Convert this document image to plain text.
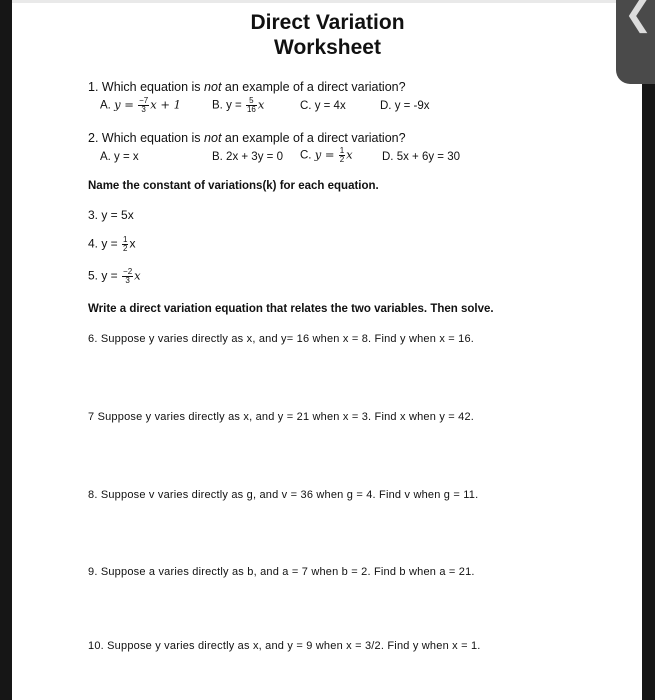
❮
Direct Variation
Worksheet
1. Which equation is not an example of a direct variation?
A. $y = \frac{-7}{3}$ x + 1	B. $y = \frac{5}{16}$ x	C. y = 4x	D. y = -9x
2. Which equation is not an example of a direct variation?
A. y = x	B. 2x + 3y = 0 C. $y = \frac{1}{2}$ x	D. 5x + 6y = 30
Name the constant of variations(k) for each equation.
3. y = 5x
4. $y = \frac{1}{2}$ x
5. $y = \frac{-2}{3}$ x
Write a direct variation equation that relates the two variables. Then solve.
6. Suppose y varies directly as x, and y= 16 when x = 8. Find y when x = 16.
7 Suppose y varies directly as x, and y = 21 when x = 3. Find x when y = 42.
8. Suppose v varies directly as g, and v = 36 when g = 4. Find v when g = 11.
9. Suppose a varies directly as b, and a = 7 when b = 2. Find b when a = 21.
10. Suppose y varies directly as x, and y = 9 when x = 3/2. Find y when x = 1.
